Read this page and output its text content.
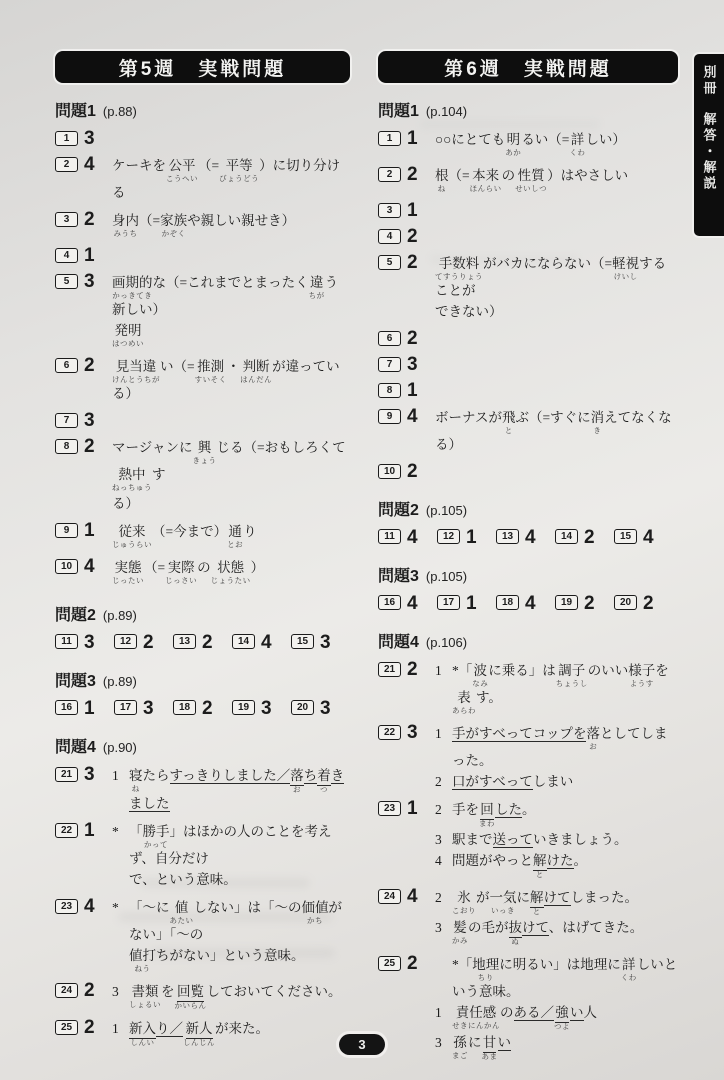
別冊
解答・解説
第5週　実戦問題
問題1 (p.88)
1 3
2 4	ケーキを 公平
こうへい
（= 平等
びょうどう
）に切り分ける
3 2	身内
みうち
（= 家族
かぞく
や親しい親せき）
4 1
5 3	画期的
かっきてき
な（=これまでとまったく 違
ちが
う新しい）
発明
はつめい
6 2	見当違
けんとうちが
い（= 推測
すいそく
・ 判断
はんだん
が違っている）
7 3
8 2	マージャンに 興
きょう
じる（=おもしろくて
熱中
ねっちゅう
す
る）
9 1	従来
じゅうらい
（=今まで） 通
とお
り
10 4	実態
じったい
（= 実際
じっさい
の 状態
じょうたい
）
問題2 (p.89)
11 3	12 2	13 2	14 4	15 3
問題3 (p.89)
16 1	17 3	18 2	19 3	20 3
問題4 (p.90)
21 3	1 寝
ね
たらすっきりしました／ 落
お
ち 着
つ
きました
22 1	* 「 勝手
かって
」はほかの人のことを考えず、自分だけ
で、という意味。
23 4	* 「〜に 値
あたい
しない」は「〜の 価値
かち
がない」「〜の
値打
ねう
ちがない」という意味。
24 2	3 書類
しょるい
を 回覧
かいらん
しておいてください。
25 2	1 新入
しんい
り／ 新人
しんじん
が来た。
第6週　実戦問題
問題1 (p.104)
1 1	○○にとても 明
あか
るい（= 詳
くわ
しい）
2 2	根
ね
（= 本来
ほんらい
の 性質
せいしつ
）はやさしい
3 1
4 2
5 2	手数料
てすうりょう
がバカにならない（= 軽視
けいし
することが
できない）
6 2
7 3
8 1
9 4	ボーナスが 飛
と
ぶ（=すぐに 消
き
えてなくなる）
10 2
問題2 (p.105)
11 4	12 1	13 4	14 2	15 4
問題3 (p.105)
16 4	17 1	18 4	19 2	20 2
問題4 (p.106)
21 2	1 *「 波
なみ
に乗る」は 調子
ちょうし
のいい 様子
ようす
を
表
あらわ
す。
22 3	1 手がすべってコップを 落
お
としてしまった。
2 口がすべってしまい
23 1	2 手を 回
まわ
した。
3 駅まで送っていきましょう。
4 問題がやっと 解
と
けた。
24 4	2	氷
こおり
が 一気
いっき
に 解
と
けてしまった。
3 髪
かみ
の毛が 抜
ぬ
けて、はげてきた。
25 2	*「 地理
ちり
に明るい」は地理に 詳
くわ
しいという意味。
1	責任感
せきにんかん
のある／ 強
つよ
い人
3 孫
まご
に 甘
あま
い
3
